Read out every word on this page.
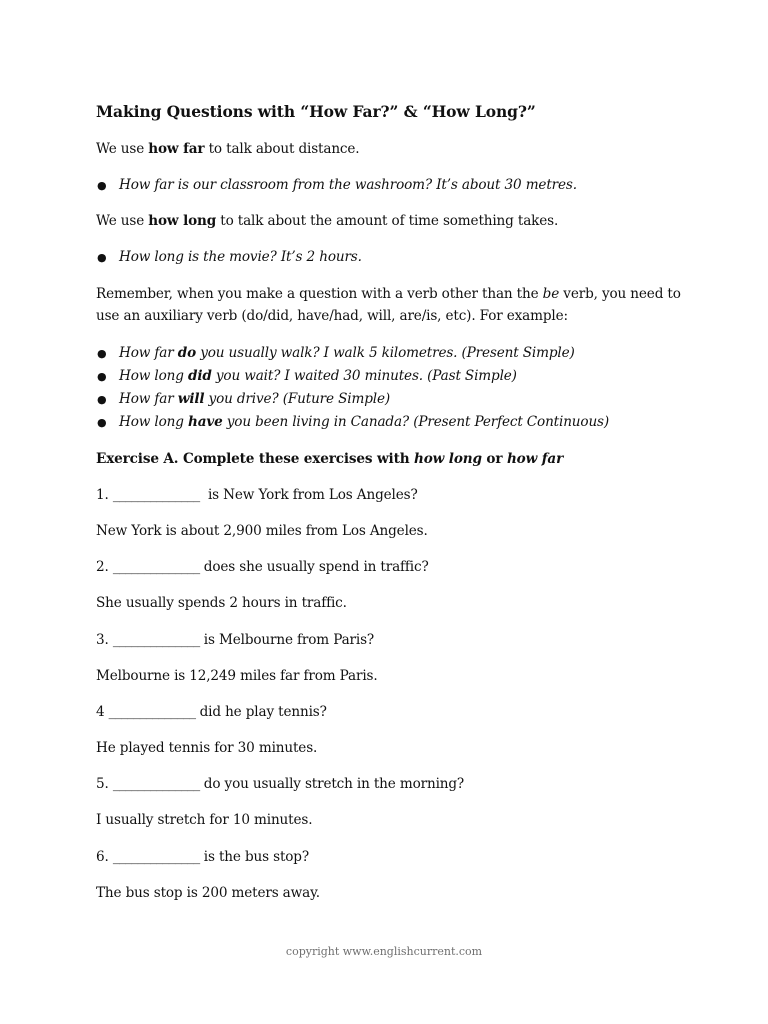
Making Questions with “How Far?” & “How Long?”

We use how far to talk about distance.

● How far is our classroom from the washroom? It’s about 30 metres.

We use how long to talk about the amount of time something takes.

● How long is the movie? It’s 2 hours.

Remember, when you make a question with a verb other than the be verb, you need to

use an auxiliary verb (do/did, have/had, will, are/is, etc). For example:

● How far do you usually walk? I walk 5 kilometres. (Present Simple)

● How long did you wait? I waited 30 minutes. (Past Simple)

● How far will you drive? (Future Simple)

● How long have you been living in Canada? (Present Perfect Continuous)

Exercise A. Complete these exercises with how long or how far

1. ______________  is New York from Los Angeles?

New York is about 2,900 miles from Los Angeles.

2. ______________ does she usually spend in traffic?

She usually spends 2 hours in traffic.

3. ______________ is Melbourne from Paris?

Melbourne is 12,249 miles far from Paris.

4 ______________ did he play tennis?

He played tennis for 30 minutes.

5. ______________ do you usually stretch in the morning?

I usually stretch for 10 minutes.

6. ______________ is the bus stop?

The bus stop is 200 meters away.

copyright www.englishcurrent.com
